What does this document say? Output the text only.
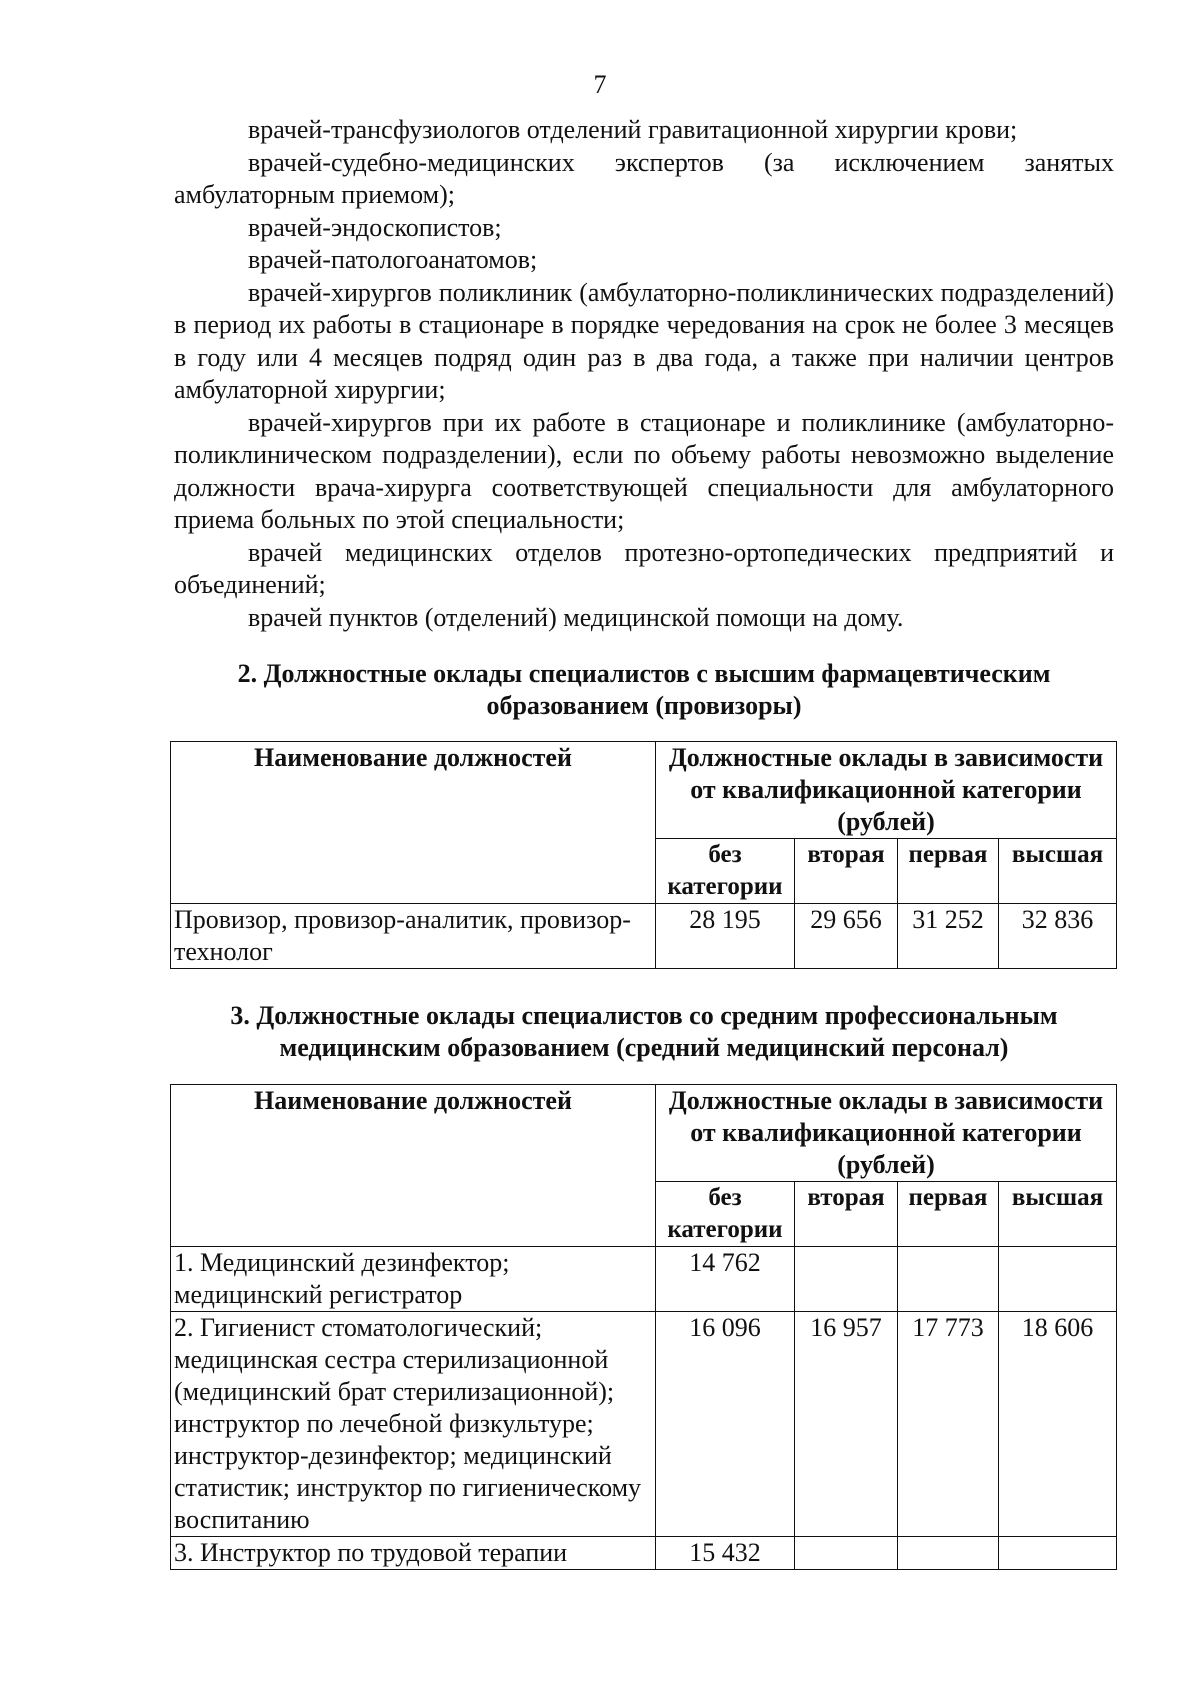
7

врачей-трансфузиологов отделений гравитационной хирургии крови;

врачей-судебно-медицинских экспертов (за исключением занятых амбулаторным приемом);

врачей-эндоскопистов;

врачей-патологоанатомов;

врачей-хирургов поликлиник (амбулаторно-поликлинических подразделений) в период их работы в стационаре в порядке чередования на срок не более 3 месяцев в году или 4 месяцев подряд один раз в два года, а также при наличии центров амбулаторной хирургии;

врачей-хирургов при их работе в стационаре и поликлинике (амбулаторно-поликлиническом подразделении), если по объему работы невозможно выделение должности врача-хирурга соответствующей специальности для амбулаторного приема больных по этой специальности;

врачей медицинских отделов протезно-ортопедических предприятий и объединений;

врачей пунктов (отделений) медицинской помощи на дому.

2. Должностные оклады специалистов с высшим фармацевтическим
образованием (провизоры)
Наименование должностей	Должностные оклады в зависимости от квалификационной категории (рублей)			
	без категории	вторая	первая	высшая
Провизор, провизор-аналитик, провизор-технолог	28 195	29 656	31 252	32 836
3. Должностные оклады специалистов со средним профессиональным
медицинским образованием (средний медицинский персонал)
Наименование должностей	Должностные оклады в зависимости от квалификационной категории (рублей)			
	без категории	вторая	первая	высшая
1. Медицинский дезинфектор; медицинский регистратор	14 762			
2. Гигиенист стоматологический; медицинская сестра стерилизационной (медицинский брат стерилизационной); инструктор по лечебной физкультуре; инструктор-дезинфектор; медицинский статистик; инструктор по гигиеническому воспитанию	16 096	16 957	17 773	18 606
3. Инструктор по трудовой терапии	15 432			
